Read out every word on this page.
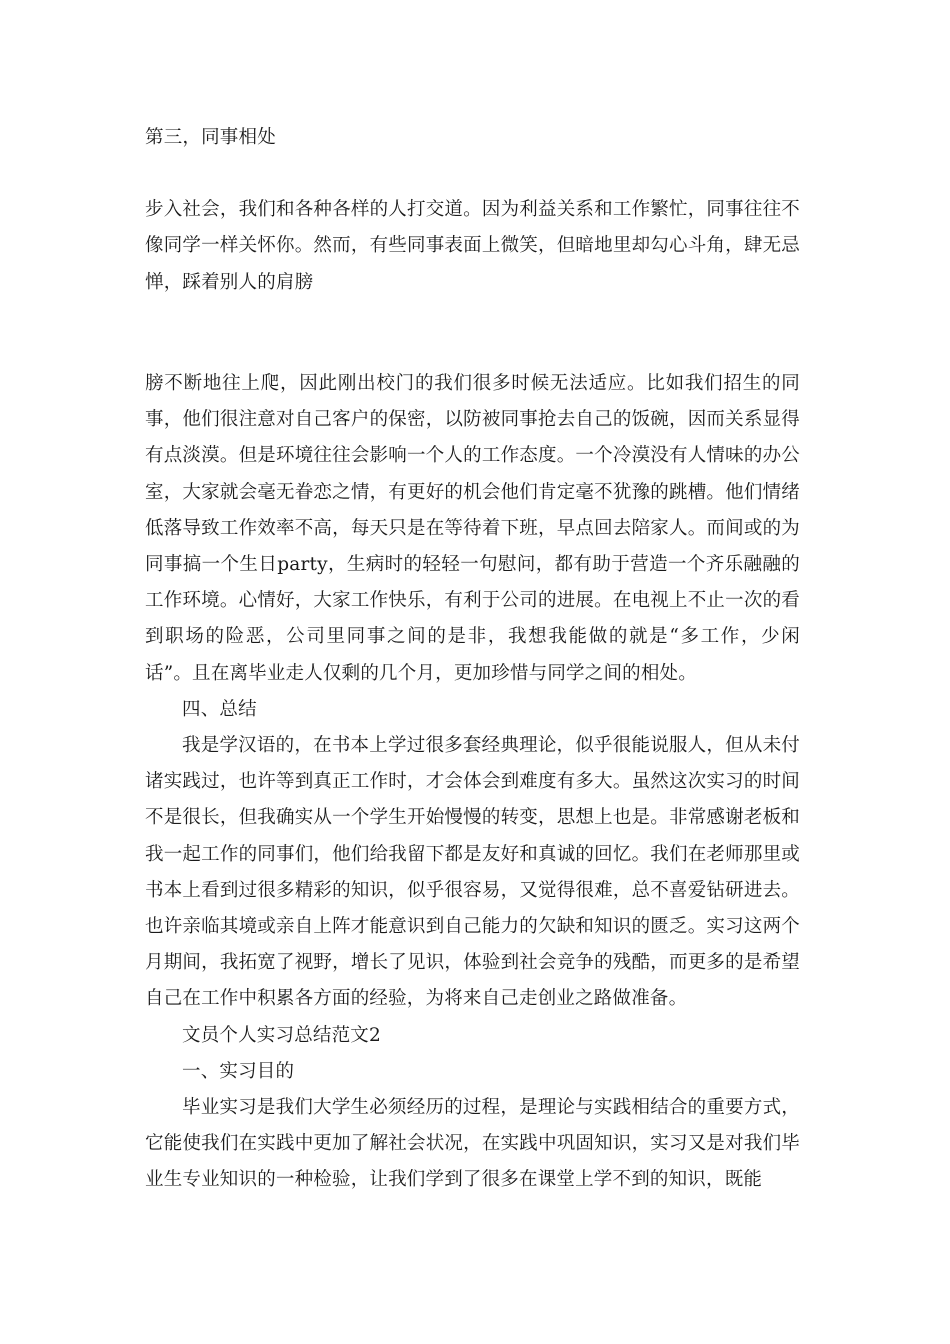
第三，同事相处

步入社会，我们和各种各样的人打交道。因为利益关系和工作繁忙，同事往往不像同学一样关怀你。然而，有些同事表面上微笑，但暗地里却勾心斗角，肆无忌惮，踩着别人的肩膀

膀不断地往上爬，因此刚出校门的我们很多时候无法适应。比如我们招生的同事，他们很注意对自己客户的保密，以防被同事抢去自己的饭碗，因而关系显得有点淡漠。但是环境往往会影响一个人的工作态度。一个冷漠没有人情味的办公室，大家就会毫无眷恋之情，有更好的机会他们肯定毫不犹豫的跳槽。他们情绪低落导致工作效率不高，每天只是在等待着下班，早点回去陪家人。而间或的为同事搞一个生日party，生病时的轻轻一句慰问，都有助于营造一个齐乐融融的工作环境。心情好，大家工作快乐，有利于公司的进展。在电视上不止一次的看到职场的险恶，公司里同事之间的是非，我想我能做的就是“多工作，少闲话”。且在离毕业走人仅剩的几个月，更加珍惜与同学之间的相处。

四、总结

我是学汉语的，在书本上学过很多套经典理论，似乎很能说服人，但从未付诸实践过，也许等到真正工作时，才会体会到难度有多大。虽然这次实习的时间不是很长，但我确实从一个学生开始慢慢的转变，思想上也是。非常感谢老板和我一起工作的同事们，他们给我留下都是友好和真诚的回忆。我们在老师那里或书本上看到过很多精彩的知识，似乎很容易，又觉得很难，总不喜爱钻研进去。也许亲临其境或亲自上阵才能意识到自己能力的欠缺和知识的匮乏。实习这两个月期间，我拓宽了视野，增长了见识，体验到社会竞争的残酷，而更多的是希望自己在工作中积累各方面的经验，为将来自己走创业之路做准备。

文员个人实习总结范文2

一、实习目的

毕业实习是我们大学生必须经历的过程，是理论与实践相结合的重要方式，它能使我们在实践中更加了解社会状况，在实践中巩固知识，实习又是对我们毕业生专业知识的一种检验，让我们学到了很多在课堂上学不到的知识，既能
